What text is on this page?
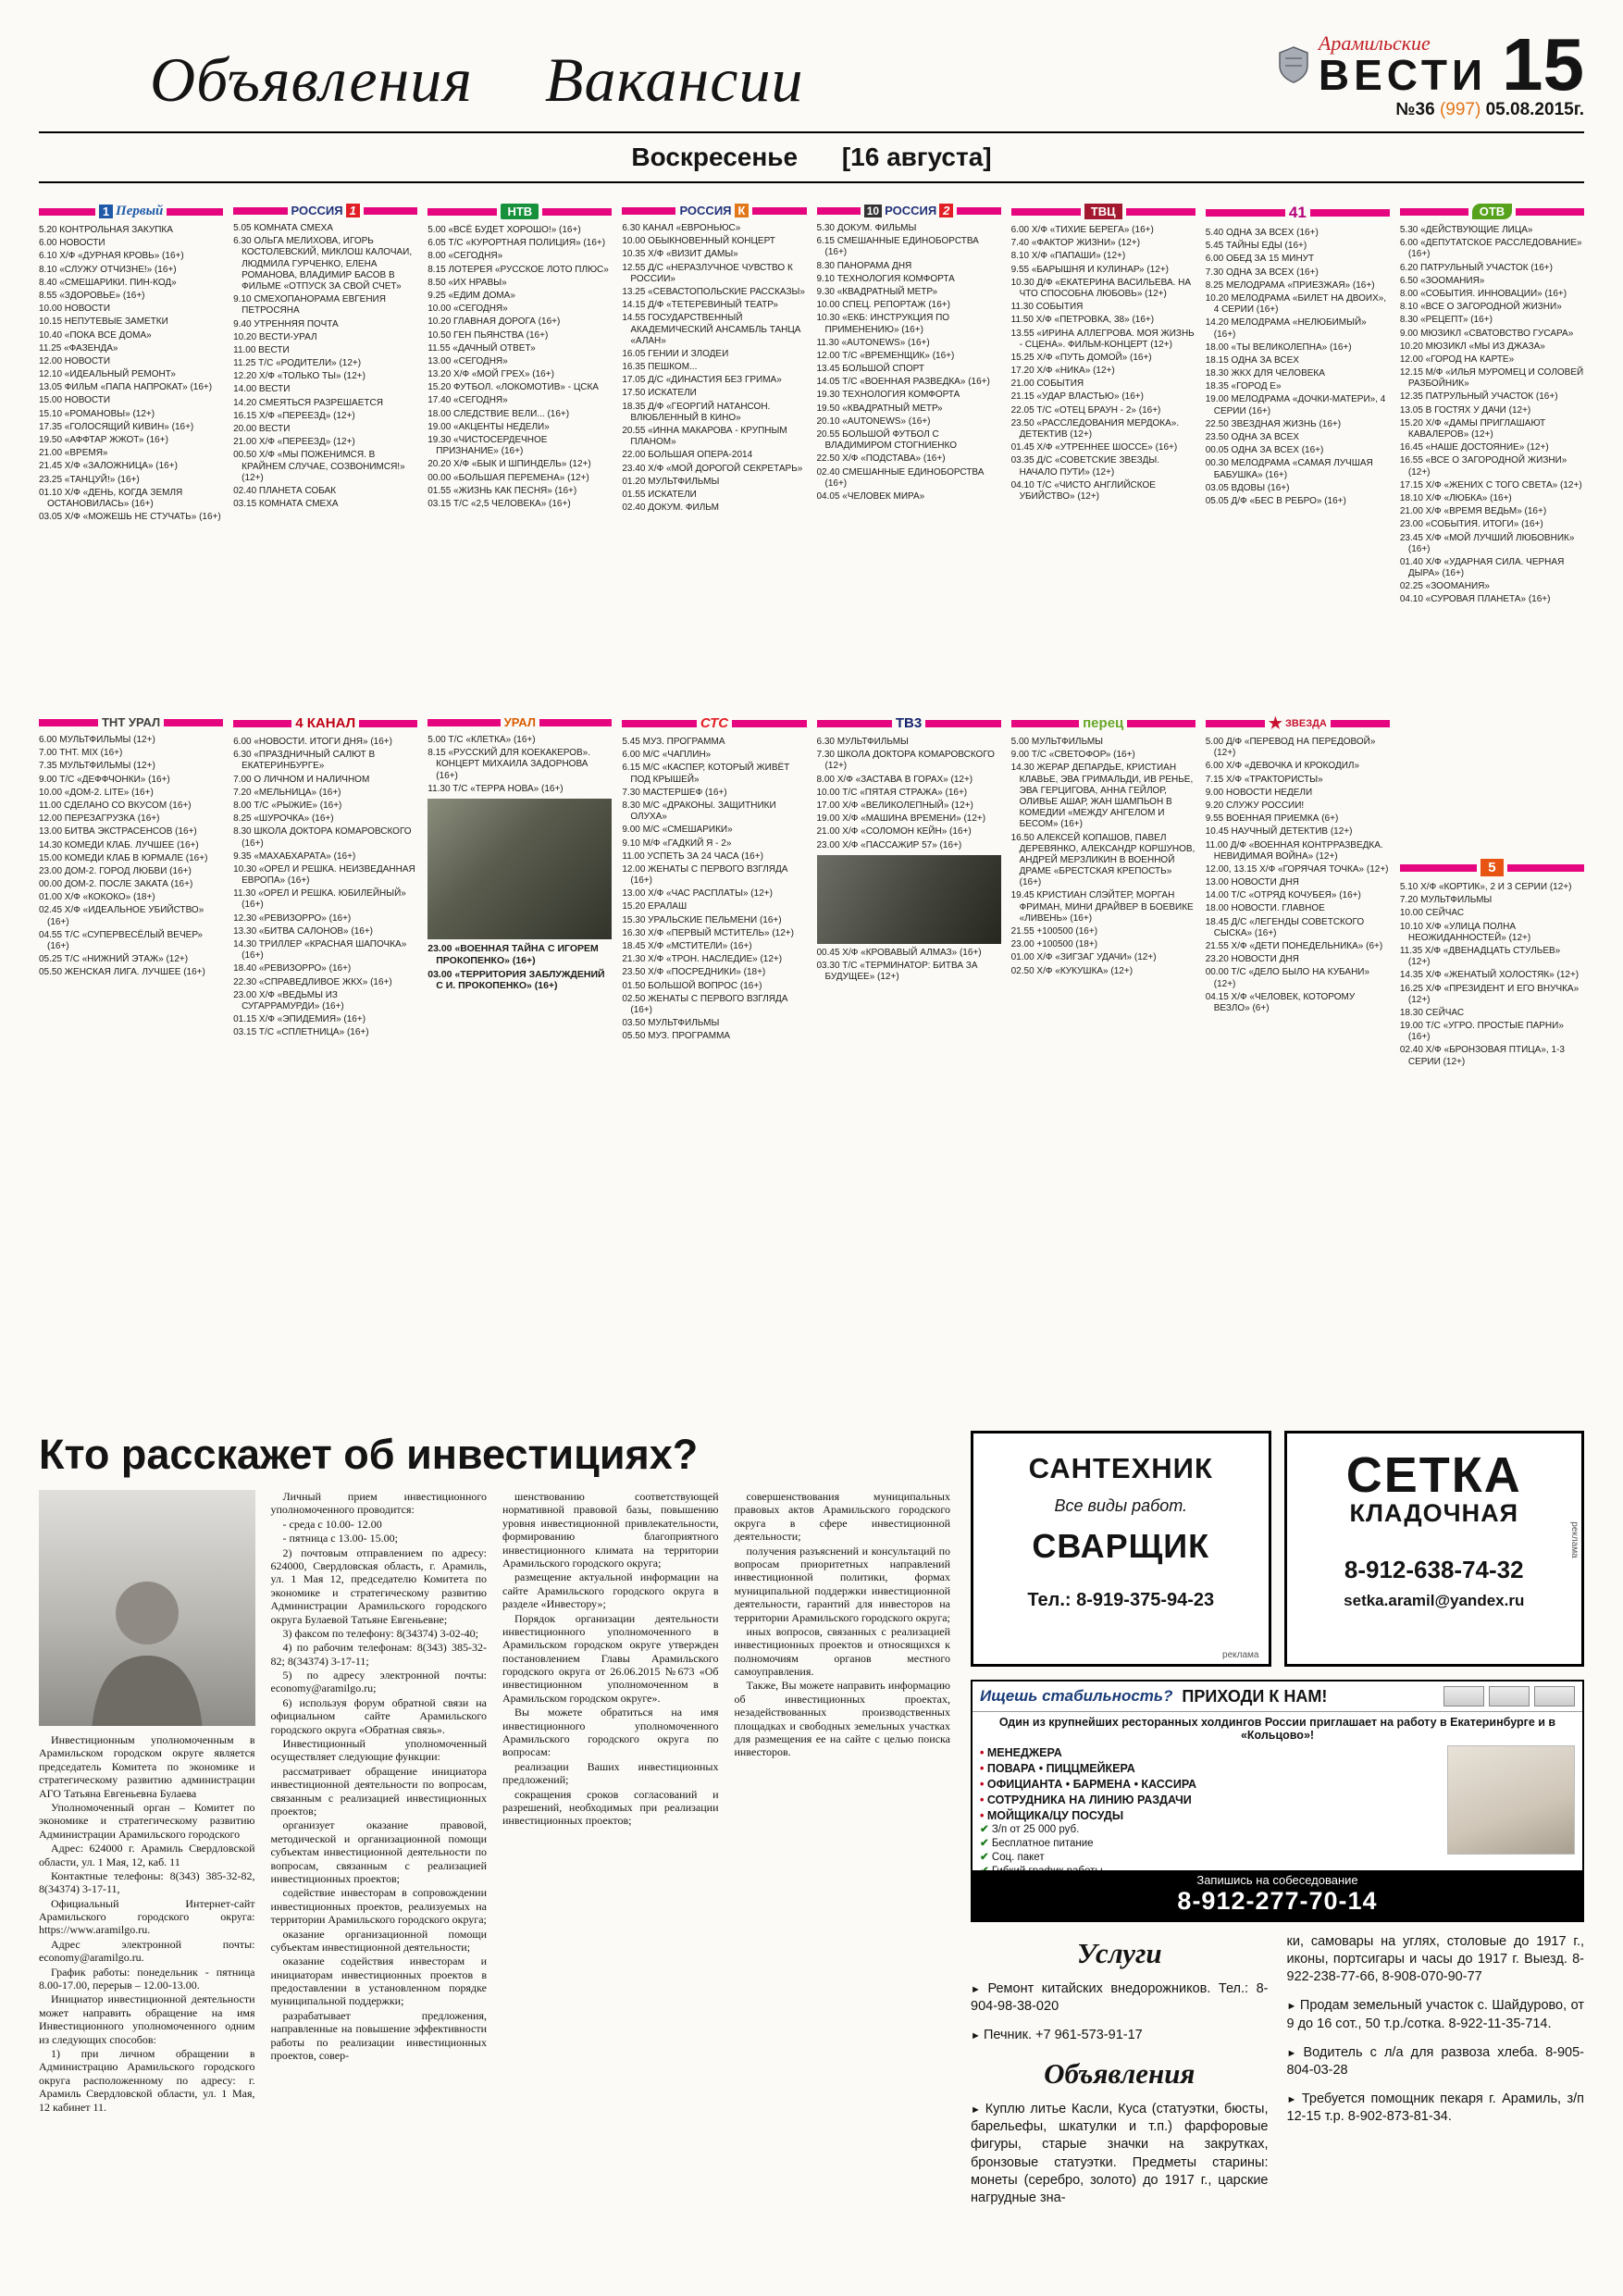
Объявления Вакансии
Арамильские
ВЕСТИ 15
№36 (997) 05.08.2015г.
Воскресенье [16 августа]
1 Первый
5.20 КОНТРОЛЬНАЯ ЗАКУПКА
6.00 НОВОСТИ
6.10 Х/Ф «ДУРНАЯ КРОВЬ» (16+)
8.10 «СЛУЖУ ОТЧИЗНЕ!» (16+)
8.40 «СМЕШАРИКИ. ПИН-КОД»
8.55 «ЗДОРОВЬЕ» (16+)
10.00 НОВОСТИ
10.15 НЕПУТЕВЫЕ ЗАМЕТКИ
10.40 «ПОКА ВСЕ ДОМА»
11.25 «ФАЗЕНДА»
12.00 НОВОСТИ
12.10 «ИДЕАЛЬНЫЙ РЕМОНТ»
13.05 ФИЛЬМ «ПАПА НАПРОКАТ» (16+)
15.00 НОВОСТИ
15.10 «РОМАНОВЫ» (12+)
17.35 «ГОЛОСЯЩИЙ КИВИН» (16+)
19.50 «АФФТАР ЖЖОТ» (16+)
21.00 «ВРЕМЯ»
21.45 Х/Ф «ЗАЛОЖНИЦА» (16+)
23.25 «ТАНЦУЙ!» (16+)
01.10 Х/Ф «ДЕНЬ, КОГДА ЗЕМЛЯ ОСТАНОВИЛАСЬ» (16+)
03.05 Х/Ф «МОЖЕШЬ НЕ СТУЧАТЬ» (16+)
ТНТ УРАЛ
6.00 МУЛЬТФИЛЬМЫ (12+)
7.00 ТНТ. MIX (16+)
7.35 МУЛЬТФИЛЬМЫ (12+)
9.00 Т/С «ДЕФФЧОНКИ» (16+)
10.00 «ДОМ-2. LITE» (16+)
11.00 СДЕЛАНО СО ВКУСОМ (16+)
12.00 ПЕРЕЗАГРУЗКА (16+)
13.00 БИТВА ЭКСТРАСЕНСОВ (16+)
14.30 КОМЕДИ КЛАБ. ЛУЧШЕЕ (16+)
15.00 КОМЕДИ КЛАБ В ЮРМАЛЕ (16+)
23.00 ДОМ-2. ГОРОД ЛЮБВИ (16+)
00.00 ДОМ-2. ПОСЛЕ ЗАКАТА (16+)
01.00 Х/Ф «КОКОКО» (18+)
02.45 Х/Ф «ИДЕАЛЬНОЕ УБИЙСТВО» (16+)
04.55 Т/С «СУПЕРВЕСЁЛЫЙ ВЕЧЕР» (16+)
05.25 Т/С «НИЖНИЙ ЭТАЖ» (12+)
05.50 ЖЕНСКАЯ ЛИГА. ЛУЧШЕЕ (16+)
РОССИЯ 1
5.05 КОМНАТА СМЕХА
6.30 ОЛЬГА МЕЛИХОВА, ИГОРЬ КОСТОЛЕВСКИЙ, МИКЛОШ КАЛОЧАИ, ЛЮДМИЛА ГУРЧЕНКО, ЕЛЕНА РОМАНОВА, ВЛАДИМИР БАСОВ В ФИЛЬМЕ «ОТПУСК ЗА СВОЙ СЧЕТ»
9.10 СМЕХОПАНОРАМА ЕВГЕНИЯ ПЕТРОСЯНА
9.40 УТРЕННЯЯ ПОЧТА
10.20 ВЕСТИ-УРАЛ
11.00 ВЕСТИ
11.25 Т/С «РОДИТЕЛИ» (12+)
12.20 Х/Ф «ТОЛЬКО ТЫ» (12+)
14.00 ВЕСТИ
14.20 СМЕЯТЬСЯ РАЗРЕШАЕТСЯ
16.15 Х/Ф «ПЕРЕЕЗД» (12+)
20.00 ВЕСТИ
21.00 Х/Ф «ПЕРЕЕЗД» (12+)
00.50 Х/Ф «МЫ ПОЖЕНИМСЯ. В КРАЙНЕМ СЛУЧАЕ, СОЗВОНИМСЯ!» (12+)
02.40 ПЛАНЕТА СОБАК
03.15 КОМНАТА СМЕХА
4 КАНАЛ
6.00 «НОВОСТИ. ИТОГИ ДНЯ» (16+)
6.30 «ПРАЗДНИЧНЫЙ САЛЮТ В ЕКАТЕРИНБУРГЕ»
7.00 О ЛИЧНОМ И НАЛИЧНОМ
7.20 «МЕЛЬНИЦА» (16+)
8.00 Т/С «РЫЖИЕ» (16+)
8.25 «ШУРОЧКА» (16+)
8.30 ШКОЛА ДОКТОРА КОМАРОВСКОГО (16+)
9.35 «МАХАБХАРАТА» (16+)
10.30 «ОРЕЛ И РЕШКА. НЕИЗВЕДАННАЯ ЕВРОПА» (16+)
11.30 «ОРЕЛ И РЕШКА. ЮБИЛЕЙНЫЙ» (16+)
12.30 «РЕВИЗОРРО» (16+)
13.30 «БИТВА САЛОНОВ» (16+)
14.30 ТРИЛЛЕР «КРАСНАЯ ШАПОЧКА» (16+)
18.40 «РЕВИЗОРРО» (16+)
22.30 «СПРАВЕДЛИВОЕ ЖКХ» (16+)
23.00 Х/Ф «ВЕДЬМЫ ИЗ СУГАРРАМУРДИ» (16+)
01.15 Х/Ф «ЭПИДЕМИЯ» (16+)
03.15 Т/С «СПЛЕТНИЦА» (16+)
НТВ
5.00 «ВСЁ БУДЕТ ХОРОШО!» (16+)
6.05 Т/С «КУРОРТНАЯ ПОЛИЦИЯ» (16+)
8.00 «СЕГОДНЯ»
8.15 ЛОТЕРЕЯ «РУССКОЕ ЛОТО ПЛЮС»
8.50 «ИХ НРАВЫ»
9.25 «ЕДИМ ДОМА»
10.00 «СЕГОДНЯ»
10.20 ГЛАВНАЯ ДОРОГА (16+)
10.50 ГЕН ПЬЯНСТВА (16+)
11.55 «ДАЧНЫЙ ОТВЕТ»
13.00 «СЕГОДНЯ»
13.20 Х/Ф «МОЙ ГРЕХ» (16+)
15.20 ФУТБОЛ. «ЛОКОМОТИВ» - ЦСКА
17.40 «СЕГОДНЯ»
18.00 СЛЕДСТВИЕ ВЕЛИ... (16+)
19.00 «АКЦЕНТЫ НЕДЕЛИ»
19.30 «ЧИСТОСЕРДЕЧНОЕ ПРИЗНАНИЕ» (16+)
20.20 Х/Ф «БЫК И ШПИНДЕЛЬ» (12+)
00.00 «БОЛЬШАЯ ПЕРЕМЕНА» (12+)
01.55 «ЖИЗНЬ КАК ПЕСНЯ» (16+)
03.15 Т/С «2,5 ЧЕЛОВЕКА» (16+)
УРАЛ
5.00 Т/С «КЛЕТКА» (16+)
8.15 «РУССКИЙ ДЛЯ КОЕКАКЕРОВ». КОНЦЕРТ МИХАИЛА ЗАДОРНОВА (16+)
11.30 Т/С «ТЕРРА НОВА» (16+)
23.00 «ВОЕННАЯ ТАЙНА С ИГОРЕМ ПРОКОПЕНКО» (16+)
03.00 «ТЕРРИТОРИЯ ЗАБЛУЖДЕНИЙ С И. ПРОКОПЕНКО» (16+)
РОССИЯ К
6.30 КАНАЛ «ЕВРОНЬЮС»
10.00 ОБЫКНОВЕННЫЙ КОНЦЕРТ
10.35 Х/Ф «ВИЗИТ ДАМЫ»
12.55 Д/С «НЕРАЗЛУЧНОЕ ЧУВСТВО К РОССИИ»
13.25 «СЕВАСТОПОЛЬСКИЕ РАССКАЗЫ»
14.15 Д/Ф «ТЕТЕРЕВИНЫЙ ТЕАТР»
14.55 ГОСУДАРСТВЕННЫЙ АКАДЕМИЧЕСКИЙ АНСАМБЛЬ ТАНЦА «АЛАН»
16.05 ГЕНИИ И ЗЛОДЕИ
16.35 ПЕШКОМ...
17.05 Д/С «ДИНАСТИЯ БЕЗ ГРИМА»
17.50 ИСКАТЕЛИ
18.35 Д/Ф «ГЕОРГИЙ НАТАНСОН. ВЛЮБЛЕННЫЙ В КИНО»
20.55 «ИННА МАКАРОВА - КРУПНЫМ ПЛАНОМ»
22.00 БОЛЬШАЯ ОПЕРА-2014
23.40 Х/Ф «МОЙ ДОРОГОЙ СЕКРЕТАРЬ»
01.20 МУЛЬТФИЛЬМЫ
01.55 ИСКАТЕЛИ
02.40 ДОКУМ. ФИЛЬМ
СТС
5.45 МУЗ. ПРОГРАММА
6.00 М/С «ЧАПЛИН»
6.15 М/С «КАСПЕР, КОТОРЫЙ ЖИВЁТ ПОД КРЫШЕЙ»
7.30 МАСТЕРШЕФ (16+)
8.30 М/С «ДРАКОНЫ. ЗАЩИТНИКИ ОЛУХА»
9.00 М/С «СМЕШАРИКИ»
9.10 М/Ф «ГАДКИЙ Я - 2»
11.00 УСПЕТЬ ЗА 24 ЧАСА (16+)
12.00 ЖЕНАТЫ С ПЕРВОГО ВЗГЛЯДА (16+)
13.00 Х/Ф «ЧАС РАСПЛАТЫ» (12+)
15.20 ЕРАЛАШ
15.30 УРАЛЬСКИЕ ПЕЛЬМЕНИ (16+)
16.30 Х/Ф «ПЕРВЫЙ МСТИТЕЛЬ» (12+)
18.45 Х/Ф «МСТИТЕЛИ» (16+)
21.30 Х/Ф «ТРОН. НАСЛЕДИЕ» (12+)
23.50 Х/Ф «ПОСРЕДНИКИ» (18+)
01.50 БОЛЬШОЙ ВОПРОС (16+)
02.50 ЖЕНАТЫ С ПЕРВОГО ВЗГЛЯДА (16+)
03.50 МУЛЬТФИЛЬМЫ
05.50 МУЗ. ПРОГРАММА
10 РОССИЯ 2
5.30 ДОКУМ. ФИЛЬМЫ
6.15 СМЕШАННЫЕ ЕДИНОБОРСТВА (16+)
8.30 ПАНОРАМА ДНЯ
9.10 ТЕХНОЛОГИЯ КОМФОРТА
9.30 «КВАДРАТНЫЙ МЕТР»
10.00 СПЕЦ. РЕПОРТАЖ (16+)
10.30 «ЕКБ: ИНСТРУКЦИЯ ПО ПРИМЕНЕНИЮ» (16+)
11.30 «AUTONEWS» (16+)
12.00 Т/С «ВРЕМЕНЩИК» (16+)
13.45 БОЛЬШОЙ СПОРТ
14.05 Т/С «ВОЕННАЯ РАЗВЕДКА» (16+)
19.30 ТЕХНОЛОГИЯ КОМФОРТА
19.50 «КВАДРАТНЫЙ МЕТР»
20.10 «AUTONEWS» (16+)
20.55 БОЛЬШОЙ ФУТБОЛ С ВЛАДИМИРОМ СТОГНИЕНКО
22.50 Х/Ф «ПОДСТАВА» (16+)
02.40 СМЕШАННЫЕ ЕДИНОБОРСТВА (16+)
04.05 «ЧЕЛОВЕК МИРА»
ТВ3
6.30 МУЛЬТФИЛЬМЫ
7.30 ШКОЛА ДОКТОРА КОМАРОВСКОГО (12+)
8.00 Х/Ф «ЗАСТАВА В ГОРАХ» (12+)
10.00 Т/С «ПЯТАЯ СТРАЖА» (16+)
17.00 Х/Ф «ВЕЛИКОЛЕПНЫЙ» (12+)
19.00 Х/Ф «МАШИНА ВРЕМЕНИ» (12+)
21.00 Х/Ф «СОЛОМОН КЕЙН» (16+)
23.00 Х/Ф «ПАССАЖИР 57» (16+)
00.45 Х/Ф «КРОВАВЫЙ АЛМАЗ» (16+)
03.30 Т/С «ТЕРМИНАТОР: БИТВА ЗА БУДУЩЕЕ» (12+)
ТВЦ
6.00 Х/Ф «ТИХИЕ БЕРЕГА» (16+)
7.40 «ФАКТОР ЖИЗНИ» (12+)
8.10 Х/Ф «ПАПАШИ» (12+)
9.55 «БАРЫШНЯ И КУЛИНАР» (12+)
10.30 Д/Ф «ЕКАТЕРИНА ВАСИЛЬЕВА. НА ЧТО СПОСОБНА ЛЮБОВЬ» (12+)
11.30 СОБЫТИЯ
11.50 Х/Ф «ПЕТРОВКА, 38» (16+)
13.55 «ИРИНА АЛЛЕГРОВА. МОЯ ЖИЗНЬ - СЦЕНА». ФИЛЬМ-КОНЦЕРТ (12+)
15.25 Х/Ф «ПУТЬ ДОМОЙ» (16+)
17.20 Х/Ф «НИКА» (12+)
21.00 СОБЫТИЯ
21.15 «УДАР ВЛАСТЬЮ» (16+)
22.05 Т/С «ОТЕЦ БРАУН - 2» (16+)
23.50 «РАССЛЕДОВАНИЯ МЕРДОКА». ДЕТЕКТИВ (12+)
01.45 Х/Ф «УТРЕННЕЕ ШОССЕ» (16+)
03.35 Д/С «СОВЕТСКИЕ ЗВЕЗДЫ. НАЧАЛО ПУТИ» (12+)
04.10 Т/С «ЧИСТО АНГЛИЙСКОЕ УБИЙСТВО» (12+)
перец
5.00 МУЛЬТФИЛЬМЫ
9.00 Т/С «СВЕТОФОР» (16+)
14.30 ЖЕРАР ДЕПАРДЬЕ, КРИСТИАН КЛАВЬЕ, ЭВА ГРИМАЛЬДИ, ИВ РЕНЬЕ, ЭВА ГЕРЦИГОВА, АННА ГЕЙЛОР, ОЛИВЬЕ АШАР, ЖАН ШАМПЬОН В КОМЕДИИ «МЕЖДУ АНГЕЛОМ И БЕСОМ» (16+)
16.50 АЛЕКСЕЙ КОПАШОВ, ПАВЕЛ ДЕРЕВЯНКО, АЛЕКСАНДР КОРШУНОВ, АНДРЕЙ МЕРЗЛИКИН В ВОЕННОЙ ДРАМЕ «БРЕСТСКАЯ КРЕПОСТЬ» (16+)
19.45 КРИСТИАН СЛЭЙТЕР, МОРГАН ФРИМАН, МИНИ ДРАЙВЕР В БОЕВИКЕ «ЛИВЕНЬ» (16+)
21.55 +100500 (16+)
23.00 +100500 (18+)
01.00 Х/Ф «ЗИГЗАГ УДАЧИ» (12+)
02.50 Х/Ф «КУКУШКА» (12+)
41
5.40 ОДНА ЗА ВСЕХ (16+)
5.45 ТАЙНЫ ЕДЫ (16+)
6.00 ОБЕД ЗА 15 МИНУТ
7.30 ОДНА ЗА ВСЕХ (16+)
8.25 МЕЛОДРАМА «ПРИЕЗЖАЯ» (16+)
10.20 МЕЛОДРАМА «БИЛЕТ НА ДВОИХ», 4 СЕРИИ (16+)
14.20 МЕЛОДРАМА «НЕЛЮБИМЫЙ» (16+)
18.00 «ТЫ ВЕЛИКОЛЕПНА» (16+)
18.15 ОДНА ЗА ВСЕХ
18.30 ЖКХ ДЛЯ ЧЕЛОВЕКА
18.35 «ГОРОД Е»
19.00 МЕЛОДРАМА «ДОЧКИ-МАТЕРИ», 4 СЕРИИ (16+)
22.50 ЗВЕЗДНАЯ ЖИЗНЬ (16+)
23.50 ОДНА ЗА ВСЕХ
00.05 ОДНА ЗА ВСЕХ (16+)
00.30 МЕЛОДРАМА «САМАЯ ЛУЧШАЯ БАБУШКА» (16+)
03.05 ВДОВЫ (16+)
05.05 Д/Ф «БЕС В РЕБРО» (16+)
★ ЗВЕЗДА
5.00 Д/Ф «ПЕРЕВОД НА ПЕРЕДОВОЙ» (12+)
6.00 Х/Ф «ДЕВОЧКА И КРОКОДИЛ»
7.15 Х/Ф «ТРАКТОРИСТЫ»
9.00 НОВОСТИ НЕДЕЛИ
9.20 СЛУЖУ РОССИИ!
9.55 ВОЕННАЯ ПРИЕМКА (6+)
10.45 НАУЧНЫЙ ДЕТЕКТИВ (12+)
11.00 Д/Ф «ВОЕННАЯ КОНТРРАЗВЕДКА. НЕВИДИМАЯ ВОЙНА» (12+)
12.00, 13.15 Х/Ф «ГОРЯЧАЯ ТОЧКА» (12+)
13.00 НОВОСТИ ДНЯ
14.00 Т/С «ОТРЯД КОЧУБЕЯ» (16+)
18.00 НОВОСТИ. ГЛАВНОЕ
18.45 Д/С «ЛЕГЕНДЫ СОВЕТСКОГО СЫСКА» (16+)
21.55 Х/Ф «ДЕТИ ПОНЕДЕЛЬНИКА» (6+)
23.20 НОВОСТИ ДНЯ
00.00 Т/С «ДЕЛО БЫЛО НА КУБАНИ» (12+)
04.15 Х/Ф «ЧЕЛОВЕК, КОТОРОМУ ВЕЗЛО» (6+)
ОТВ
5.30 «ДЕЙСТВУЮЩИЕ ЛИЦА»
6.00 «ДЕПУТАТСКОЕ РАССЛЕДОВАНИЕ» (16+)
6.20 ПАТРУЛЬНЫЙ УЧАСТОК (16+)
6.50 «ЗООМАНИЯ»
8.00 «СОБЫТИЯ. ИННОВАЦИИ» (16+)
8.10 «ВСЕ О ЗАГОРОДНОЙ ЖИЗНИ»
8.30 «РЕЦЕПТ» (16+)
9.00 МЮЗИКЛ «СВАТОВСТВО ГУСАРА»
10.20 МЮЗИКЛ «МЫ ИЗ ДЖАЗА»
12.00 «ГОРОД НА КАРТЕ»
12.15 М/Ф «ИЛЬЯ МУРОМЕЦ И СОЛОВЕЙ РАЗБОЙНИК»
12.35 ПАТРУЛЬНЫЙ УЧАСТОК (16+)
13.05 В ГОСТЯХ У ДАЧИ (12+)
15.20 Х/Ф «ДАМЫ ПРИГЛАШАЮТ КАВАЛЕРОВ» (12+)
16.45 «НАШЕ ДОСТОЯНИЕ» (12+)
16.55 «ВСЕ О ЗАГОРОДНОЙ ЖИЗНИ» (12+)
17.15 Х/Ф «ЖЕНИХ С ТОГО СВЕТА» (12+)
18.10 Х/Ф «ЛЮБКА» (16+)
21.00 Х/Ф «ВРЕМЯ ВЕДЬМ» (16+)
23.00 «СОБЫТИЯ. ИТОГИ» (16+)
23.45 Х/Ф «МОЙ ЛУЧШИЙ ЛЮБОВНИК» (16+)
01.40 Х/Ф «УДАРНАЯ СИЛА. ЧЕРНАЯ ДЫРА» (16+)
02.25 «ЗООМАНИЯ»
04.10 «СУРОВАЯ ПЛАНЕТА» (16+)
5
5.10 Х/Ф «КОРТИК», 2 И 3 СЕРИИ (12+)
7.20 МУЛЬТФИЛЬМЫ
10.00 СЕЙЧАС
10.10 Х/Ф «УЛИЦА ПОЛНА НЕОЖИДАННОСТЕЙ» (12+)
11.35 Х/Ф «ДВЕНАДЦАТЬ СТУЛЬЕВ» (12+)
14.35 Х/Ф «ЖЕНАТЫЙ ХОЛОСТЯК» (12+)
16.25 Х/Ф «ПРЕЗИДЕНТ И ЕГО ВНУЧКА» (12+)
18.30 СЕЙЧАС
19.00 Т/С «УГРО. ПРОСТЫЕ ПАРНИ» (16+)
02.40 Х/Ф «БРОНЗОВАЯ ПТИЦА», 1-3 СЕРИИ (12+)
Кто расскажет об инвестициях?

Инвестиционным уполномоченным в Арамильском городском округе является председатель Комитета по экономике и стратегическому развитию администрации АГО Татьяна Евгеньевна Булаева

Уполномоченный орган – Комитет по экономике и стратегическому развитию Администрации Арамильского городского

Адрес: 624000 г. Арамиль Свердловской области, ул. 1 Мая, 12, каб. 11

Контактные телефоны: 8(343) 385-32-82, 8(34374) 3-17-11,

Официальный Интернет-сайт Арамильского городского округа: https://www.aramilgo.ru.

Адрес электронной почты: economy@aramilgo.ru.

График работы: понедельник - пятница 8.00-17.00, перерыв – 12.00-13.00.

Инициатор инвестиционной деятельности может направить обращение на имя Инвестиционного уполномоченного одним из следующих способов:

1) при личном обращении в Администрацию Арамильского городского округа расположенному по адресу: г. Арамиль Свердловской области, ул. 1 Мая, 12 кабинет 11.

Личный прием инвестиционного уполномоченного проводится:

- среда с 10.00- 12.00

- пятница с 13.00- 15.00;

2) почтовым отправлением по адресу: 624000, Свердловская область, г. Арамиль, ул. 1 Мая 12, председателю Комитета по экономике и стратегическому развитию Администрации Арамильского городского округа Булаевой Татьяне Евгеньевне;

3) факсом по телефону: 8(34374) 3-02-40;

4) по рабочим телефонам: 8(343) 385-32-82; 8(34374) 3-17-11;

5) по адресу электронной почты: economy@aramilgo.ru;

6) используя форум обратной связи на официальном сайте Арамильского городского округа «Обратная связь».

Инвестиционный уполномоченный осуществляет следующие функции:

рассматривает обращение инициатора инвестиционной деятельности по вопросам, связанным с реализацией инвестиционных проектов;

организует оказание правовой, методической и организационной помощи субъектам инвестиционной деятельности по вопросам, связанным с реализацией инвестиционных проектов;

содействие инвесторам в сопровождении инвестиционных проектов, реализуемых на территории Арамильского городского округа;

оказание организационной помощи субъектам инвестиционной деятельности;

оказание содействия инвесторам и инициаторам инвестиционных проектов в предоставлении в установленном порядке муниципальной поддержки;

разрабатывает предложения, направленные на повышение эффективности работы по реализации инвестиционных проектов, совер-

шенствованию соответствующей нормативной правовой базы, повышению уровня инвестиционной привлекательности, формированию благоприятного инвестиционного климата на территории Арамильского городского округа;

размещение актуальной информации на сайте Арамильского городского округа в разделе «Инвестору»;

Порядок организации деятельности инвестиционного уполномоченного в Арамильском городском округе утвержден постановлением Главы Арамильского городского округа от 26.06.2015 №673 «Об инвестиционном уполномоченном в Арамильском городском округе».

Вы можете обратиться на имя инвестиционного уполномоченного Арамильского городского округа по вопросам:

реализации Ваших инвестиционных предложений;

сокращения сроков согласований и разрешений, необходимых при реализации инвестиционных проектов;

совершенствования муниципальных правовых актов Арамильского городского округа в сфере инвестиционной деятельности;

получения разъяснений и консультаций по вопросам приоритетных направлений инвестиционной политики, формах муниципальной поддержки инвестиционной деятельности, гарантий для инвесторов на территории Арамильского городского округа;

иных вопросов, связанных с реализацией инвестиционных проектов и относящихся к полномочиям органов местного самоуправления.

Также, Вы можете направить информацию об инвестиционных проектах, незадействованных производственных площадках и свободных земельных участках для размещения ее на сайте с целью поиска инвесторов.

САНТЕХНИК
Все виды работ.
СВАРЩИК
Тел.: 8-919-375-94-23
реклама
СЕТКА
КЛАДОЧНАЯ
8-912-638-74-32
setka.aramil@yandex.ru
реклама
Ищешь стабильность? ПРИХОДИ К НАМ!
Один из крупнейших ресторанных холдингов России приглашает на работу в Екатеринбурге и в «Кольцово»!
• МЕНЕДЖЕРА
• ПОВАРА • ПИЦЦМЕЙКЕРА
• ОФИЦИАНТА • БАРМЕНА • КАССИРА
• СОТРУДНИКА НА ЛИНИЮ РАЗДАЧИ
• МОЙЩИКА/ЦУ ПОСУДЫ
✔ З/п от 25 000 руб.
✔ Бесплатное питание
✔ Соц. пакет
✔
Запишись на собеседование
8-912-277-70-14
Услуги

► Ремонт китайских внедорожников. Тел.: 8-904-98-38-020

► Печник. +7 961-573-91-17

Объявления

► Куплю литье Касли, Куса (статуэтки, бюсты, барельефы, шкатулки и т.п.) фарфоровые фигуры, старые значки на закрутках, бронзовые статуэтки. Предметы старины: монеты (серебро, золото) до 1917 г., царские нагрудные зна-

ки, самовары на углях, столовые до 1917 г., иконы, портсигары и часы до 1917 г. Выезд. 8-922-238-77-66, 8-908-070-90-77

► Продам земельный участок с. Шайдурово, от 9 до 16 сот., 50 т.р./сотка. 8-922-11-35-714.

► Водитель с л/а для развоза хлеба. 8-905-804-03-28

► Требуется помощник пекаря г. Арамиль, з/п 12-15 т.р. 8-902-873-81-34.
